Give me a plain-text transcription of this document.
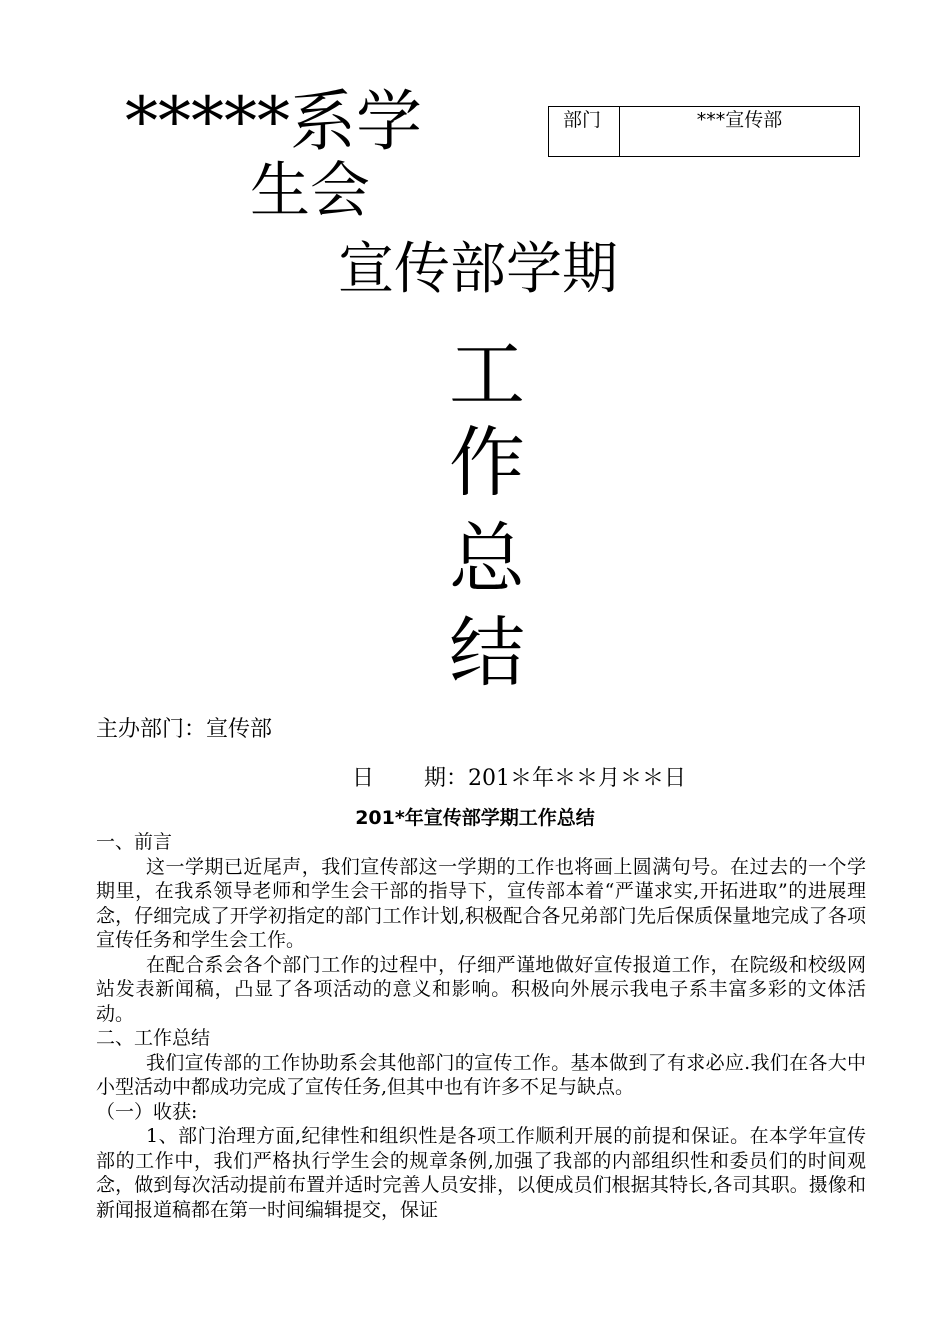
*****系学
生会
宣传部学期
工
作
总
结
部门	***宣传部
主办部门：宣传部
日 期：201＊年＊＊月＊＊日
201*年宣传部学期工作总结

一、前言

这一学期已近尾声，我们宣传部这一学期的工作也将画上圆满句号。在过去的一个学期里，在我系领导老师和学生会干部的指导下，宣传部本着“严谨求实,开拓进取”的进展理念，仔细完成了开学初指定的部门工作计划,积极配合各兄弟部门先后保质保量地完成了各项宣传任务和学生会工作。

在配合系会各个部门工作的过程中，仔细严谨地做好宣传报道工作，在院级和校级网站发表新闻稿，凸显了各项活动的意义和影响。积极向外展示我电子系丰富多彩的文体活动。

二、工作总结

我们宣传部的工作协助系会其他部门的宣传工作。基本做到了有求必应.我们在各大中小型活动中都成功完成了宣传任务,但其中也有许多不足与缺点。

（一）收获:

1、部门治理方面,纪律性和组织性是各项工作顺利开展的前提和保证。在本学年宣传部的工作中，我们严格执行学生会的规章条例,加强了我部的内部组织性和委员们的时间观念，做到每次活动提前布置并适时完善人员安排，以便成员们根据其特长,各司其职。摄像和新闻报道稿都在第一时间编辑提交，保证
